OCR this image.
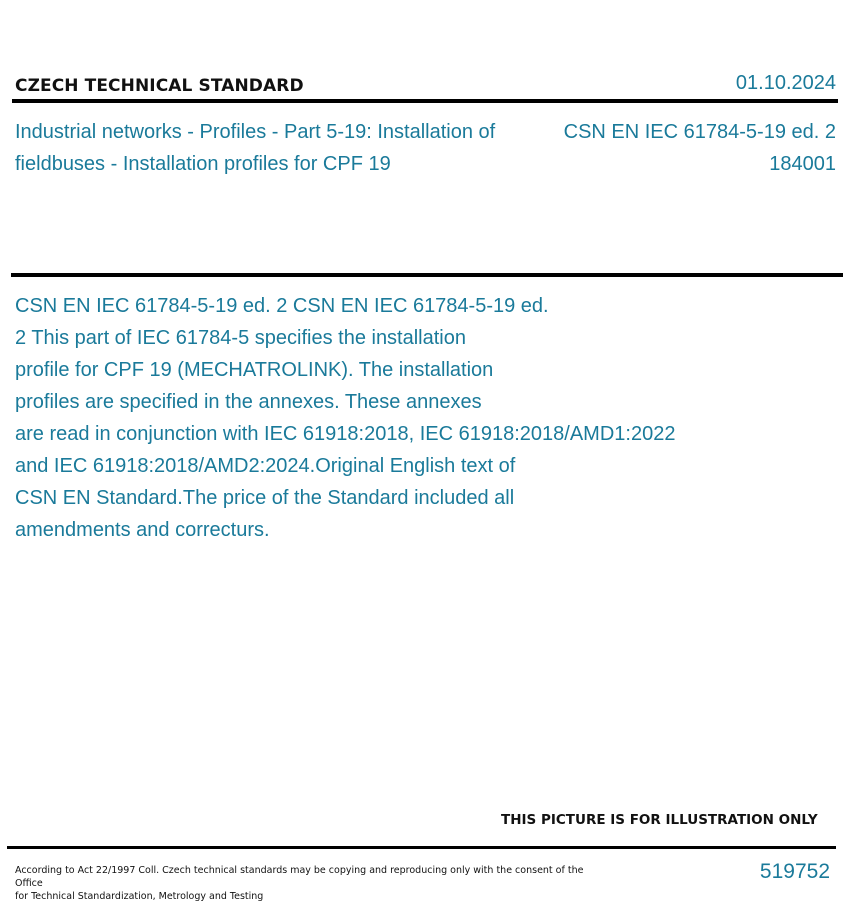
CZECH TECHNICAL STANDARD	01.10.2024
Industrial networks - Profiles - Part 5-19: Installation of fieldbuses - Installation profiles for CPF 19
CSN EN IEC 61784-5-19 ed. 2
184001
CSN EN IEC 61784-5-19 ed. 2 CSN EN IEC 61784-5-19 ed.
2 This part of IEC 61784-5 specifies the installation
profile for CPF 19 (MECHATROLINK). The installation
profiles are specified in the annexes. These annexes
are read in conjunction with IEC 61918:2018, IEC 61918:2018/AMD1:2022
and IEC 61918:2018/AMD2:2024.Original English text of
CSN EN Standard.The price of the Standard included all
amendments and correcturs.
THIS PICTURE IS FOR ILLUSTRATION ONLY
According to Act 22/1997 Coll. Czech technical standards may be copying and reproducing only with the consent of the Office
for Technical Standardization, Metrology and Testing
519752
